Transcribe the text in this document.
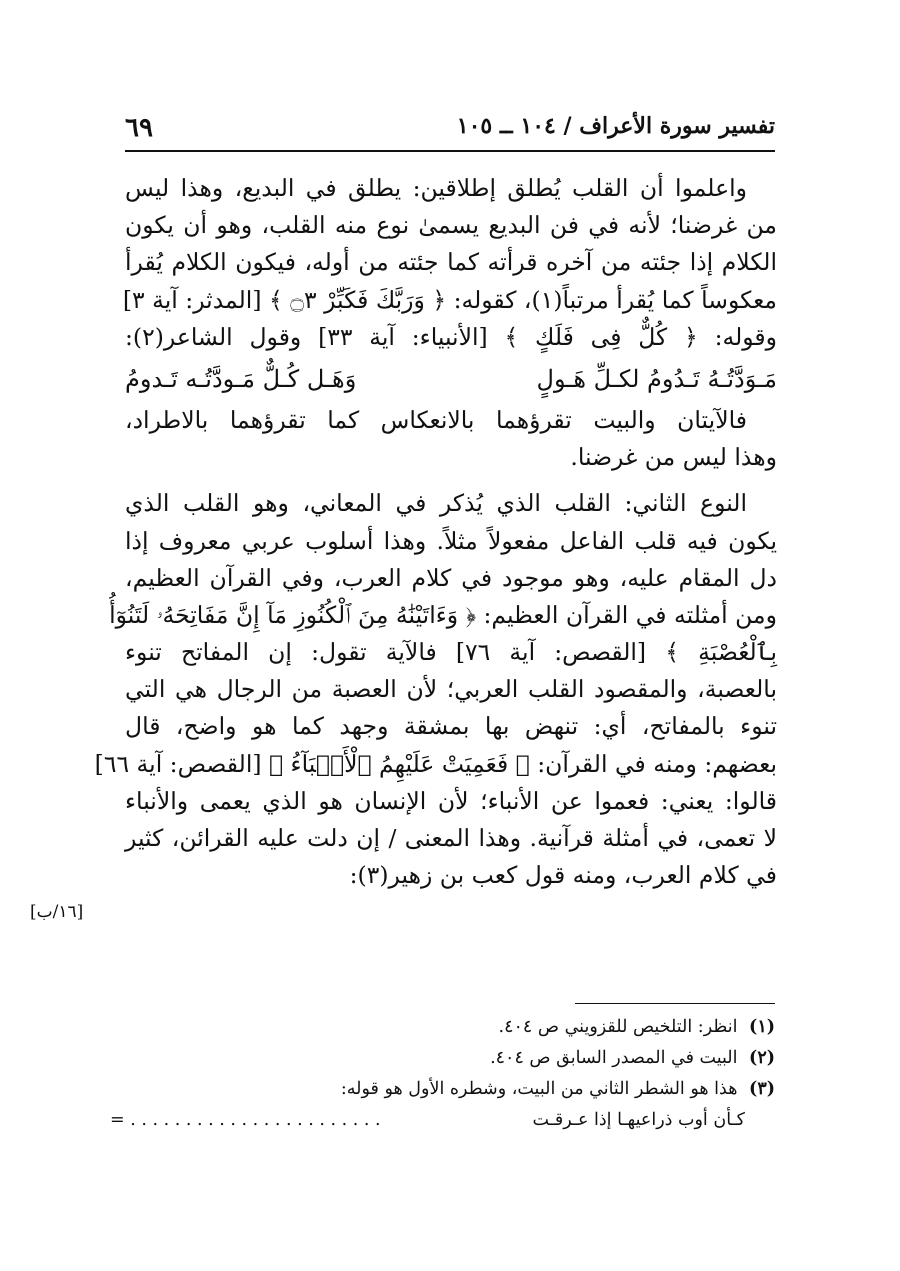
تفسير سورة الأعراف / ١٠٤ ــ ١٠٥
٦٩
واعلموا أن القلب يُطلق إطلاقين: يطلق في البديع، وهذا ليس
من غرضنا؛ لأنه في فن البديع يسمىٰ نوع منه القلب، وهو أن يكون
الكلام إذا جئته من آخره قرأته كما جئته من أوله، فيكون الكلام يُقرأ
معكوساً كما يُقرأ مرتباً(١)، كقوله: ﴿ وَرَبَّكَ فَكَبِّرْ ۝٣ ﴾ [المدثر: آية ٣]
وقوله: ﴿ كُلٌّ فِى فَلَكٍ ﴾ [الأنبياء: آية ٣٣] وقول الشاعر(٢):
مَـوَدَّتُـهُ تَـدُومُ لكـلِّ هَـولٍ
وَهَـل كُـلٌّ مَـودَّتُـه تَـدومُ
فالآيتان والبيت تقرؤهما بالانعكاس كما تقرؤهما بالاطراد،
وهذا ليس من غرضنا.
النوع الثاني: القلب الذي يُذكر في المعاني، وهو القلب الذي
يكون فيه قلب الفاعل مفعولاً مثلاً. وهذا أسلوب عربي معروف إذا
دل المقام عليه، وهو موجود في كلام العرب، وفي القرآن العظيم،
ومن أمثلته في القرآن العظيم: ﴿ وَءَاتَيْنَٰهُ مِنَ ٱلْكُنُوزِ مَآ إِنَّ مَفَاتِحَهُۥ لَتَنُوٓأُ
بِٱلْعُصْبَةِ ﴾ [القصص: آية ٧٦] فالآية تقول: إن المفاتح تنوء
بالعصبة، والمقصود القلب العربي؛ لأن العصبة من الرجال هي التي
تنوء بالمفاتح، أي: تنهض بها بمشقة وجهد كما هو واضح، قال
بعضهم: ومنه في القرآن: ﴿ فَعَمِيَتْ عَلَيْهِمُ ٱلْأَنۢبَآءُ ﴾ [القصص: آية ٦٦]
قالوا: يعني: فعموا عن الأنباء؛ لأن الإنسان هو الذي يعمى والأنباء
لا تعمى، في أمثلة قرآنية. وهذا المعنى / إن دلت عليه القرائن، كثير
في كلام العرب، ومنه قول كعب بن زهير(٣):
[١٦/ب]
(١) انظر: التلخيص للقزويني ص ٤٠٤.
(٢) البيت في المصدر السابق ص ٤٠٤.
(٣) هذا هو الشطر الثاني من البيت، وشطره الأول هو قوله:
كـأن أوب ذراعيهـا إذا عـرقـت
. . . . . . . . . . . . . . . . . . . . . . . =
